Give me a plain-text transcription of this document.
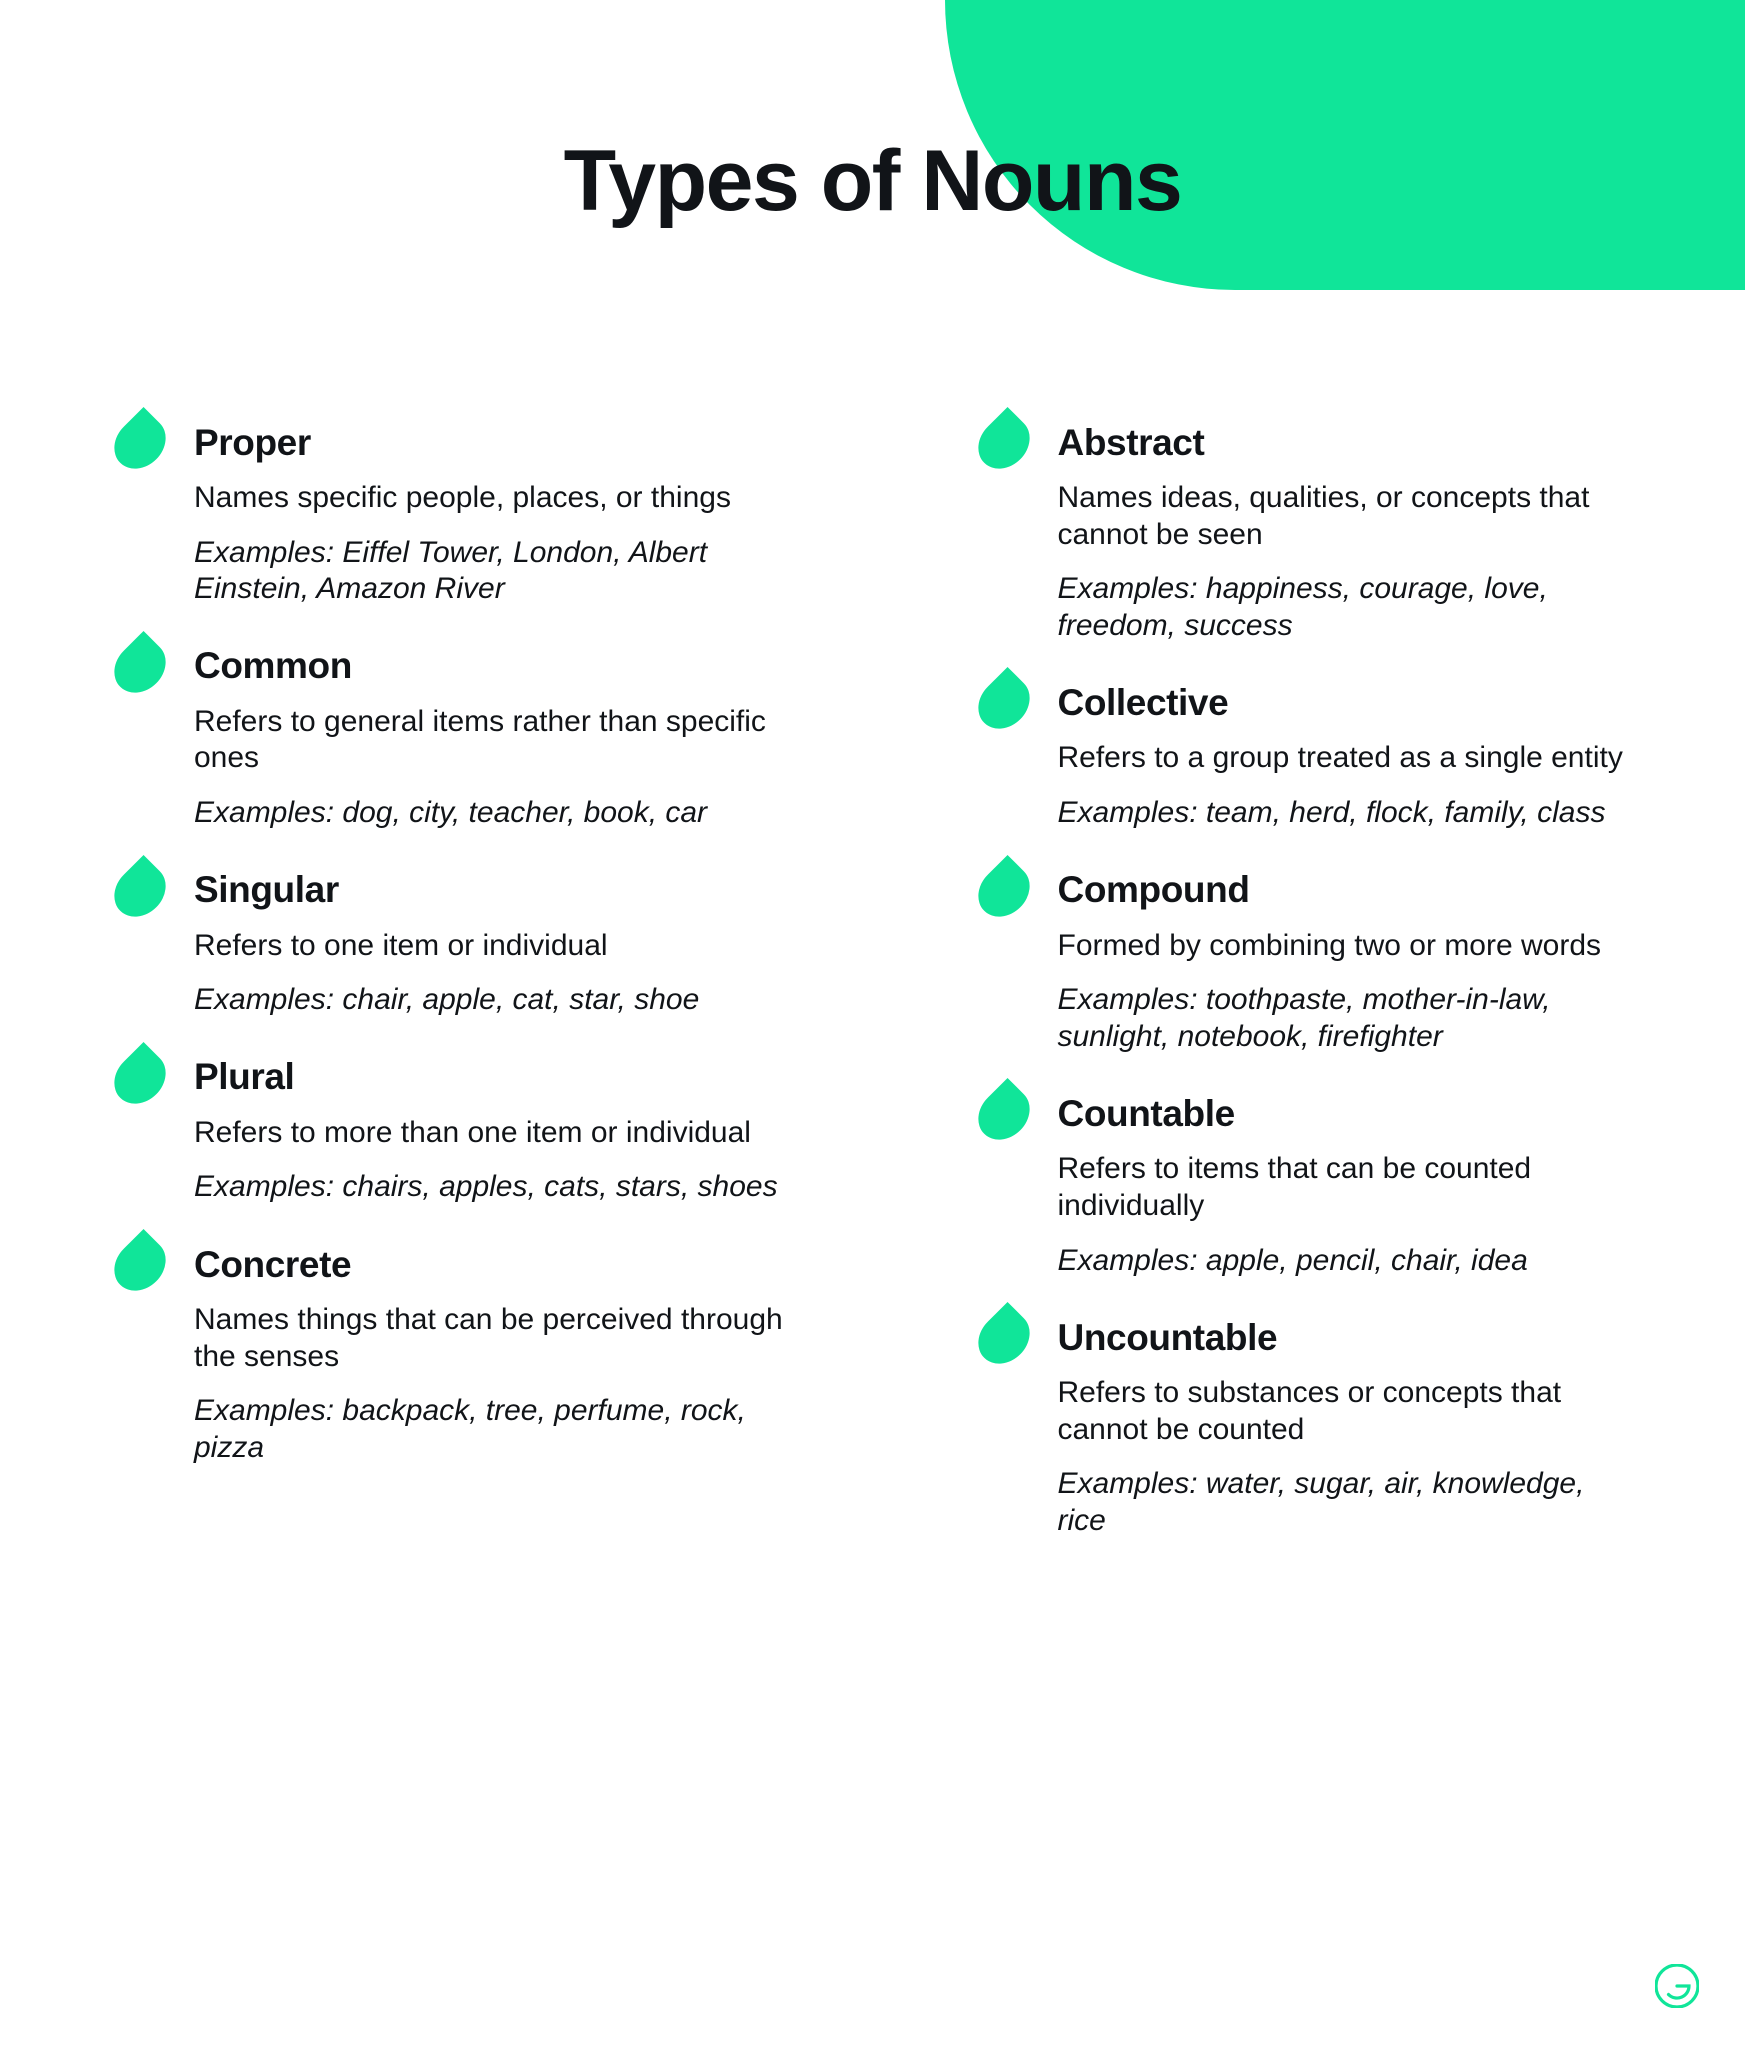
Types of Nouns
Proper

Names specific people, places, or things

Examples: Eiffel Tower, London, Albert Einstein, Amazon River

Common

Refers to general items rather than specific ones

Examples: dog, city, teacher, book, car

Singular

Refers to one item or individual

Examples: chair, apple, cat, star, shoe

Plural

Refers to more than one item or individual

Examples: chairs, apples, cats, stars, shoes

Concrete

Names things that can be perceived through the senses

Examples: backpack, tree, perfume, rock, pizza

Abstract

Names ideas, qualities, or concepts that cannot be seen

Examples: happiness, courage, love, freedom, success

Collective

Refers to a group treated as a single entity

Examples: team, herd, flock, family, class

Compound

Formed by combining two or more words

Examples: toothpaste, mother-in-law, sunlight, notebook, firefighter

Countable

Refers to items that can be counted individually

Examples: apple, pencil, chair, idea

Uncountable

Refers to substances or concepts that cannot be counted

Examples: water, sugar, air, knowledge, rice
